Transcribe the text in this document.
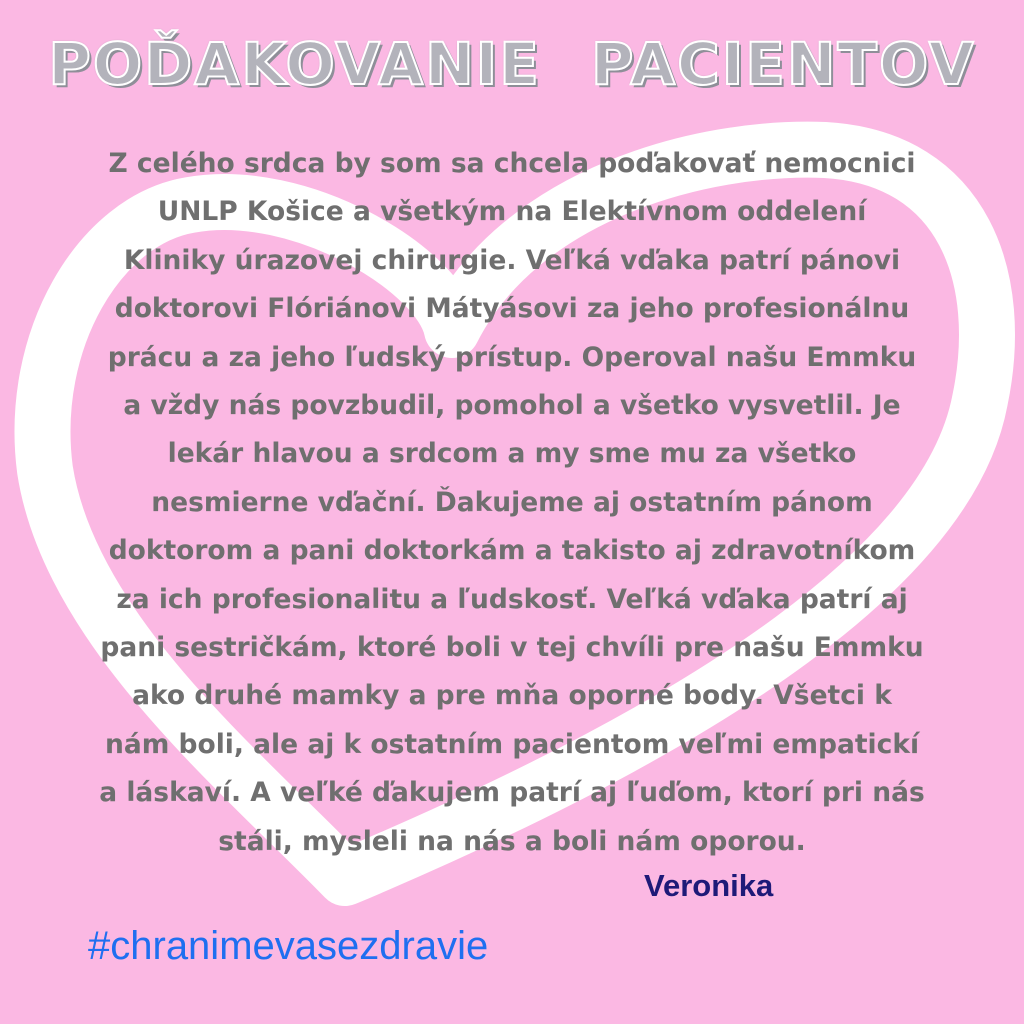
POĎAKOVANIE PACIENTOV
Z celého srdca by som sa chcela poďakovať nemocnici
UNLP Košice a všetkým na Elektívnom oddelení
Kliniky úrazovej chirurgie. Veľká vďaka patrí pánovi
doktorovi Flóriánovi Mátyásovi za jeho profesionálnu
prácu a za jeho ľudský prístup. Operoval našu Emmku
a vždy nás povzbudil, pomohol a všetko vysvetlil. Je
lekár hlavou a srdcom a my sme mu za všetko
nesmierne vďační. Ďakujeme aj ostatním pánom
doktorom a pani doktorkám a takisto aj zdravotníkom
za ich profesionalitu a ľudskosť. Veľká vďaka patrí aj
pani sestričkám, ktoré boli v tej chvíli pre našu Emmku
ako druhé mamky a pre mňa oporné body. Všetci k
nám boli, ale aj k ostatním pacientom veľmi empatickí
a láskaví. A veľké ďakujem patrí aj ľuďom, ktorí pri nás
stáli, mysleli na nás a boli nám oporou.
Veronika
#chranimevasezdravie
